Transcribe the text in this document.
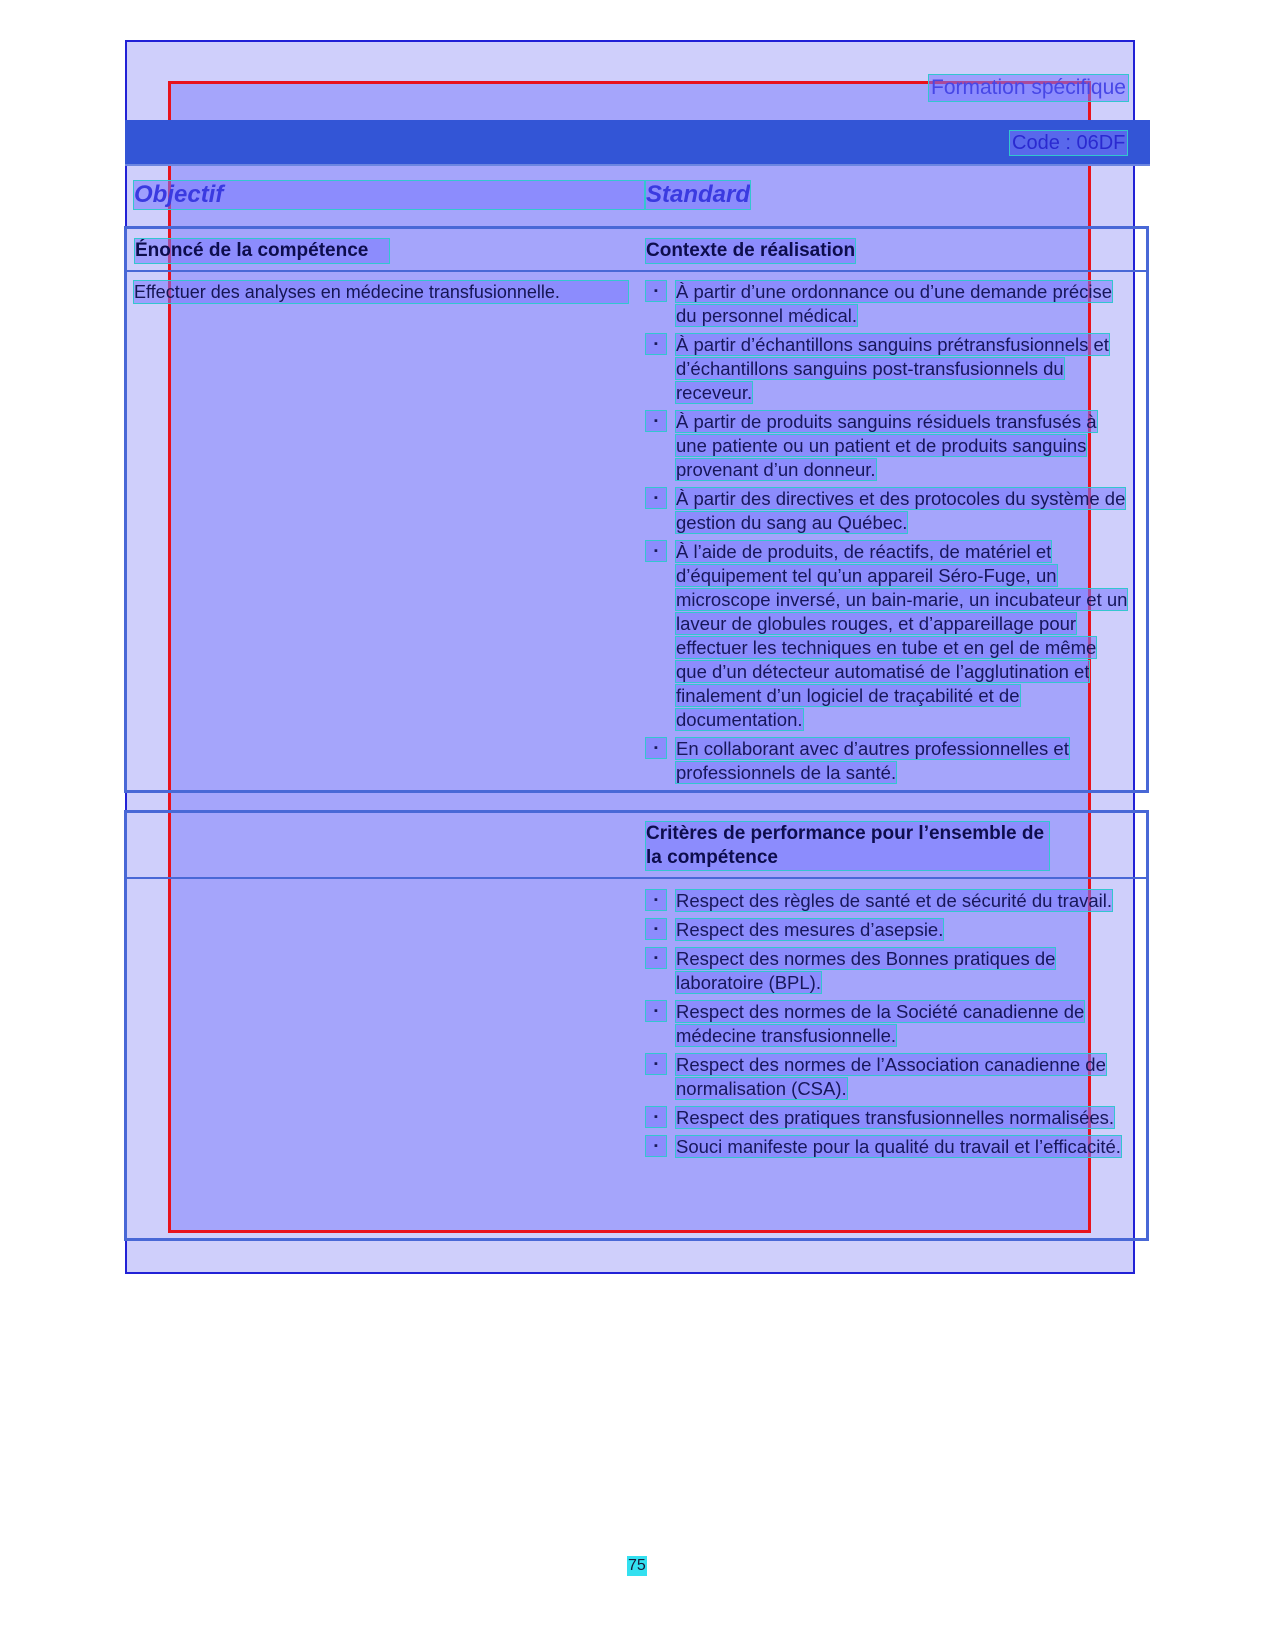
Formation spécifique
Code : 06DF
Objectif	Standard
Énoncé de la compétence	Contexte de réalisation
Effectuer des analyses en médecine transfusionnelle.	▪ À partir d’une ordonnance ou d’une demande précise du personnel médical.
▪ À partir d’échantillons sanguins prétransfusionnels et d’échantillons sanguins post-transfusionnels du receveur.
▪ À partir de produits sanguins résiduels transfusés à une patiente ou un patient et de produits sanguins provenant d’un donneur.
▪ À partir des directives et des protocoles du système de gestion du sang au Québec.
▪ À l’aide de produits, de réactifs, de matériel et d’équipement tel qu’un appareil Séro-Fuge, un microscope inversé, un bain-marie, un incubateur et un laveur de globules rouges, et d’appareillage pour effectuer les techniques en tube et en gel de même que d’un détecteur automatisé de l’agglutination et finalement d’un logiciel de traçabilité et de documentation.
▪ En collaborant avec d’autres professionnelles et professionnels de la santé.
Critères de performance pour l’ensemble de la compétence
▪ Respect des règles de santé et de sécurité du travail.
▪ Respect des mesures d’asepsie.
▪ Respect des normes des Bonnes pratiques de laboratoire (BPL).
▪ Respect des normes de la Société canadienne de médecine transfusionnelle.
▪ Respect des normes de l’Association canadienne de normalisation (CSA).
▪ Respect des pratiques transfusionnelles normalisées.
▪ Souci manifeste pour la qualité du travail et l’efficacité.
75
